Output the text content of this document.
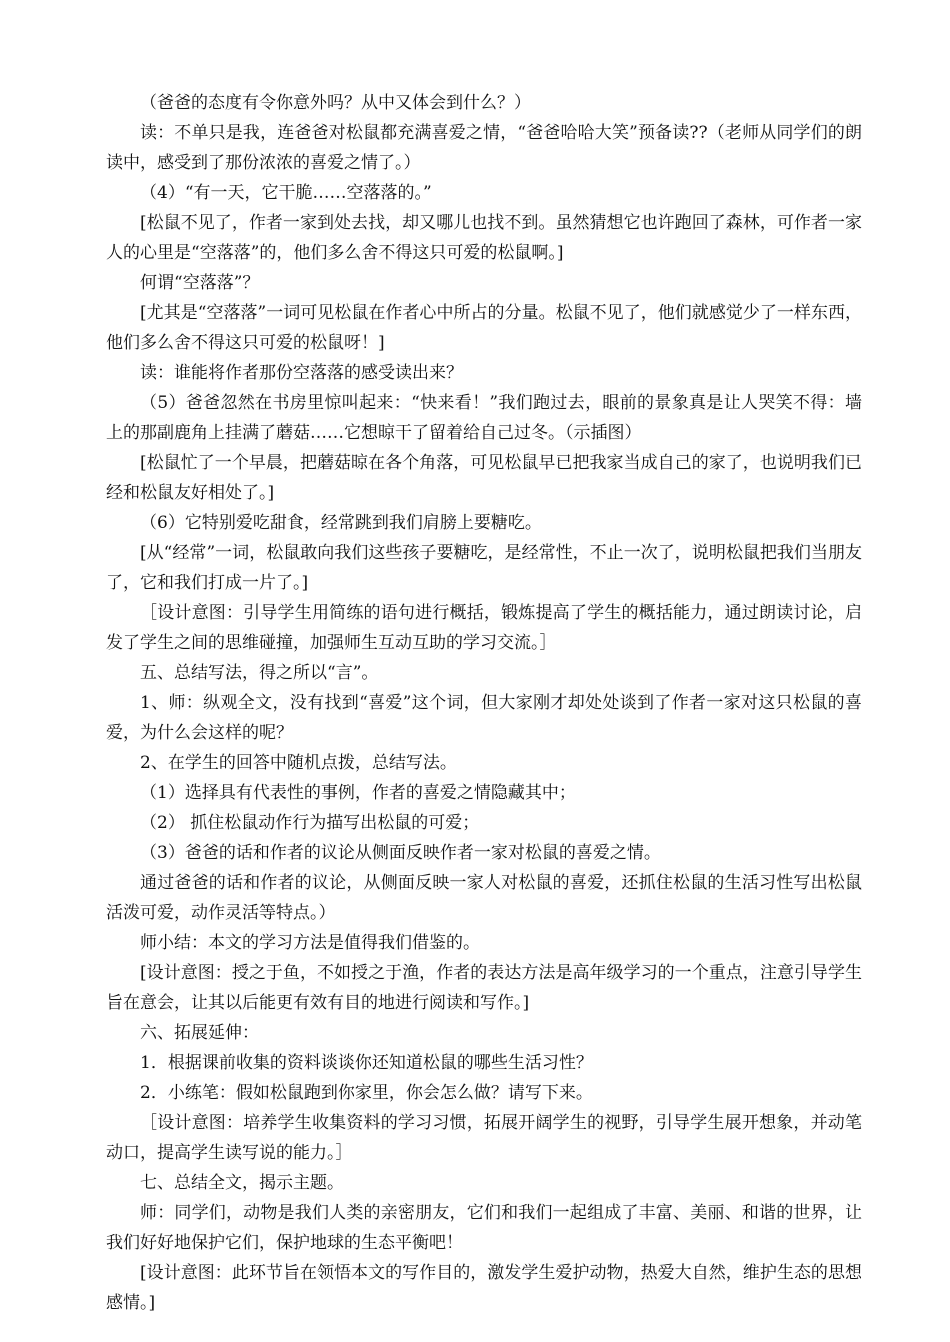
（爸爸的态度有令你意外吗？从中又体会到什么？）

读：不单只是我，连爸爸对松鼠都充满喜爱之情，“爸爸哈哈大笑”预备读??（老师从同学们的朗读中，感受到了那份浓浓的喜爱之情了。）

（4）“有一天，它干脆……空落落的。”

[松鼠不见了，作者一家到处去找，却又哪儿也找不到。虽然猜想它也许跑回了森林，可作者一家人的心里是“空落落”的，他们多么舍不得这只可爱的松鼠啊。]

何谓“空落落”？

[尤其是“空落落”一词可见松鼠在作者心中所占的分量。松鼠不见了，他们就感觉少了一样东西，他们多么舍不得这只可爱的松鼠呀！]

读：谁能将作者那份空落落的感受读出来？

（5）爸爸忽然在书房里惊叫起来：“快来看！”我们跑过去，眼前的景象真是让人哭笑不得：墙上的那副鹿角上挂满了蘑菇……它想晾干了留着给自己过冬。（示插图）

[松鼠忙了一个早晨，把蘑菇晾在各个角落，可见松鼠早已把我家当成自己的家了，也说明我们已经和松鼠友好相处了。]

（6）它特别爱吃甜食，经常跳到我们肩膀上要糖吃。

[从“经常”一词，松鼠敢向我们这些孩子要糖吃，是经常性，不止一次了，说明松鼠把我们当朋友了，它和我们打成一片了。]

［设计意图：引导学生用简练的语句进行概括，锻炼提高了学生的概括能力，通过朗读讨论，启发了学生之间的思维碰撞，加强师生互动互助的学习交流。］

五、总结写法，得之所以“言”。

1、师：纵观全文，没有找到“喜爱”这个词，但大家刚才却处处谈到了作者一家对这只松鼠的喜爱，为什么会这样的呢？

2、在学生的回答中随机点拨，总结写法。

（1）选择具有代表性的事例，作者的喜爱之情隐藏其中；

（2） 抓住松鼠动作行为描写出松鼠的可爱；

（3）爸爸的话和作者的议论从侧面反映作者一家对松鼠的喜爱之情。

通过爸爸的话和作者的议论，从侧面反映一家人对松鼠的喜爱，还抓住松鼠的生活习性写出松鼠活泼可爱，动作灵活等特点。）

师小结：本文的学习方法是值得我们借鉴的。

[设计意图：授之于鱼，不如授之于渔，作者的表达方法是高年级学习的一个重点，注意引导学生旨在意会，让其以后能更有效有目的地进行阅读和写作。]

六、拓展延伸：

1．根据课前收集的资料谈谈你还知道松鼠的哪些生活习性？

2．小练笔：假如松鼠跑到你家里，你会怎么做？请写下来。

［设计意图：培养学生收集资料的学习习惯，拓展开阔学生的视野，引导学生展开想象，并动笔动口，提高学生读写说的能力。］

七、总结全文，揭示主题。

师：同学们，动物是我们人类的亲密朋友，它们和我们一起组成了丰富、美丽、和谐的世界，让我们好好地保护它们，保护地球的生态平衡吧！

[设计意图：此环节旨在领悟本文的写作目的，激发学生爱护动物，热爱大自然，维护生态的思想感情。]
